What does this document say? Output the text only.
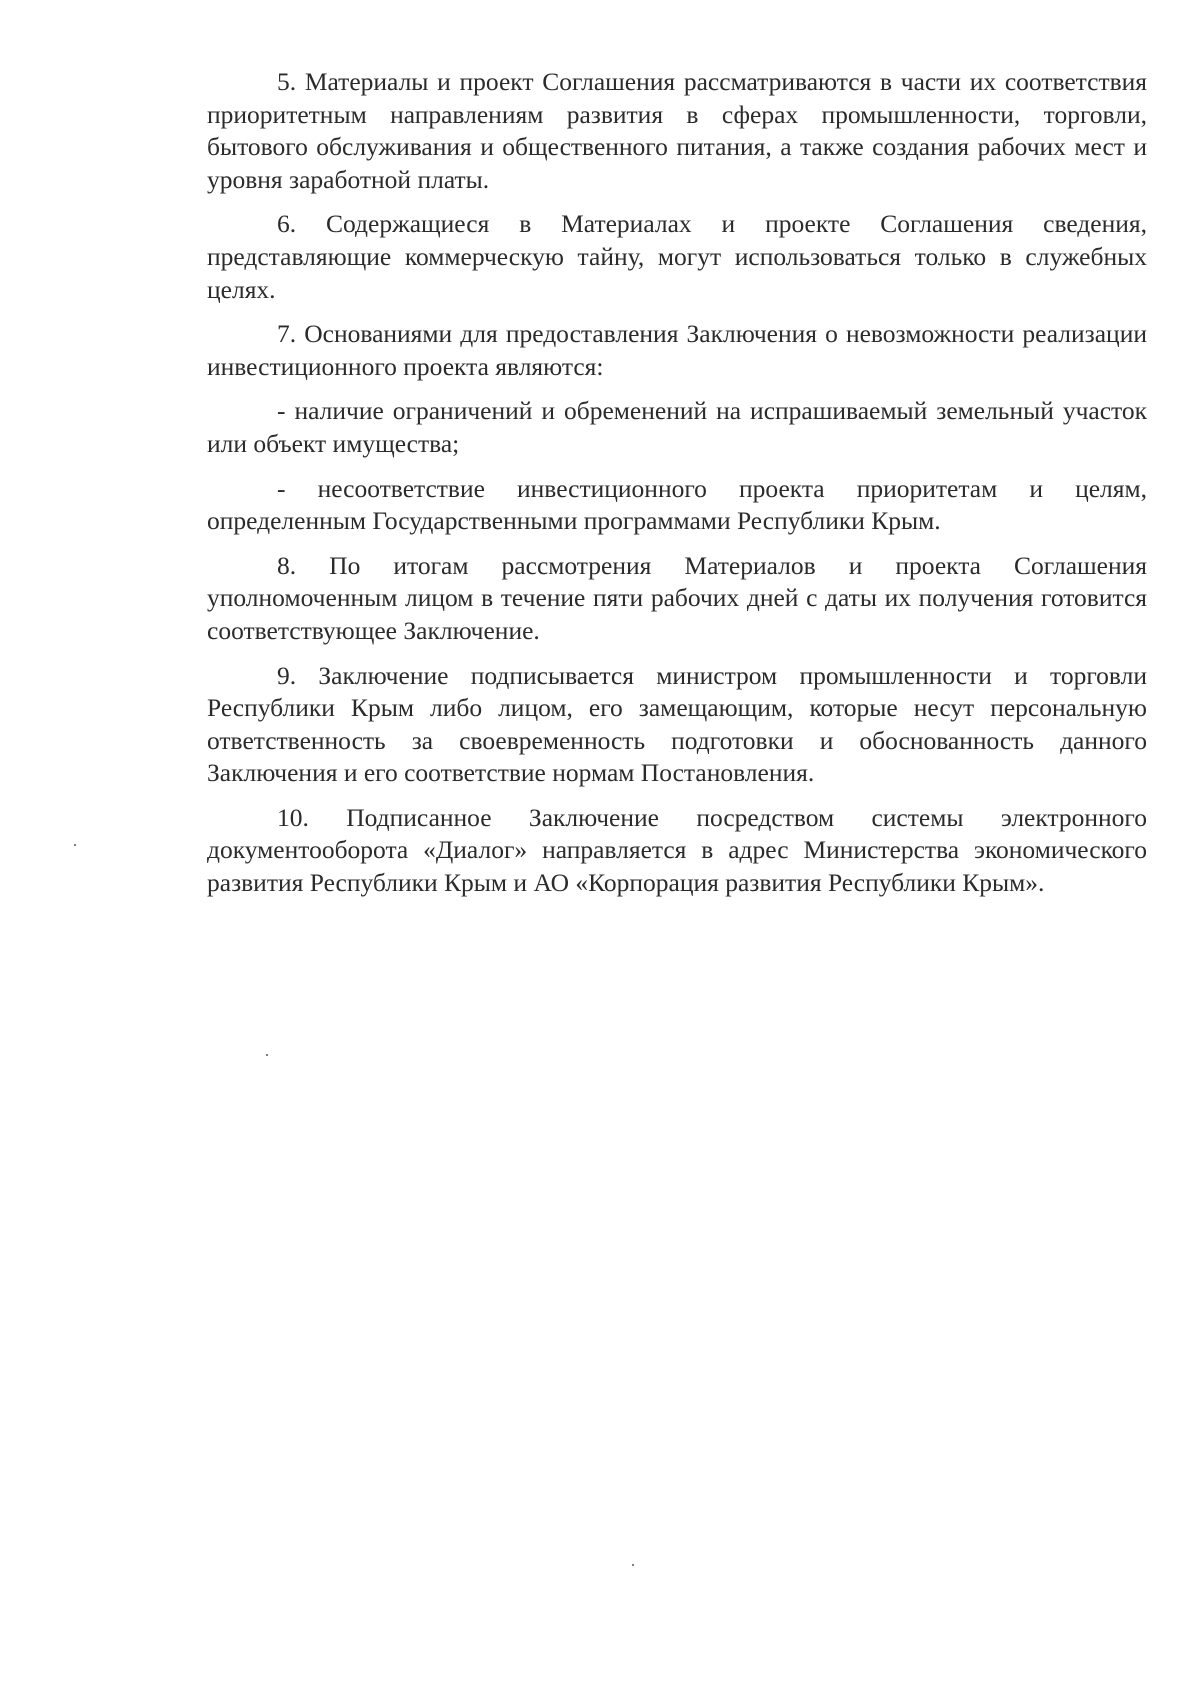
5. Материалы и проект Соглашения рассматриваются в части их соответствия приоритетным направлениям развития в сферах промышленности, торговли, бытового обслуживания и общественного питания, а также создания рабочих мест и уровня заработной платы.

6. Содержащиеся в Материалах и проекте Соглашения сведения, представляющие коммерческую тайну, могут использоваться только в служебных целях.

7. Основаниями для предоставления Заключения о невозможности реализации инвестиционного проекта являются:

- наличие ограничений и обременений на испрашиваемый земельный участок или объект имущества;

- несоответствие инвестиционного проекта приоритетам и целям, определенным Государственными программами Республики Крым.

8. По итогам рассмотрения Материалов и проекта Соглашения уполномоченным лицом в течение пяти рабочих дней с даты их получения готовится соответствующее Заключение.

9. Заключение подписывается министром промышленности и торговли Республики Крым либо лицом, его замещающим, которые несут персональную ответственность за своевременность подготовки и обоснованность данного Заключения и его соответствие нормам Постановления.

10. Подписанное Заключение посредством системы электронного документооборота «Диалог» направляется в адрес Министерства экономического развития Республики Крым и АО «Корпорация развития Республики Крым».
